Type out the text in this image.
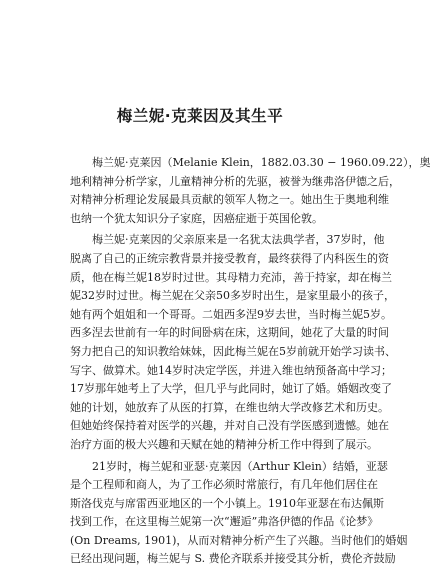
梅兰妮·克莱因及其生平
梅兰妮·克莱因（Melanie Klein，1882.03.30 − 1960.09.22），奥
地利精神分析学家，儿童精神分析的先驱，被誉为继弗洛伊德之后，
对精神分析理论发展最具贡献的领军人物之一。她出生于奥地利维
也纳一个犹太知识分子家庭，因癌症逝于英国伦敦。
梅兰妮·克莱因的父亲原来是一名犹太法典学者，37岁时，他
脱离了自己的正统宗教背景并接受教育，最终获得了内科医生的资
质，他在梅兰妮18岁时过世。其母精力充沛，善于持家，却在梅兰
妮32岁时过世。梅兰妮在父亲50多岁时出生，是家里最小的孩子，
她有两个姐姐和一个哥哥。二姐西多涅9岁去世，当时梅兰妮5岁。
西多涅去世前有一年的时间卧病在床，这期间，她花了大量的时间
努力把自己的知识教给妹妹，因此梅兰妮在5岁前就开始学习读书、
写字、做算术。她14岁时决定学医，并进入维也纳预备高中学习；
17岁那年她考上了大学，但几乎与此同时，她订了婚。婚姻改变了
她的计划，她放弃了从医的打算，在维也纳大学改修艺术和历史。
但她始终保持着对医学的兴趣，并对自己没有学医感到遗憾。她在
治疗方面的极大兴趣和天赋在她的精神分析工作中得到了展示。
21岁时，梅兰妮和亚瑟·克莱因（Arthur Klein）结婚，亚瑟
是个工程师和商人，为了工作必须时常旅行，有几年他们居住在
斯洛伐克与席雷西亚地区的一个小镇上。1910年亚瑟在布达佩斯
找到工作，在这里梅兰妮第一次“邂逅”弗洛伊德的作品《论梦》
(On Dreams, 1901)，从而对精神分析产生了兴趣。当时他们的婚姻
已经出现问题，梅兰妮与 S. 费伦齐联系并接受其分析，费伦齐鼓励
